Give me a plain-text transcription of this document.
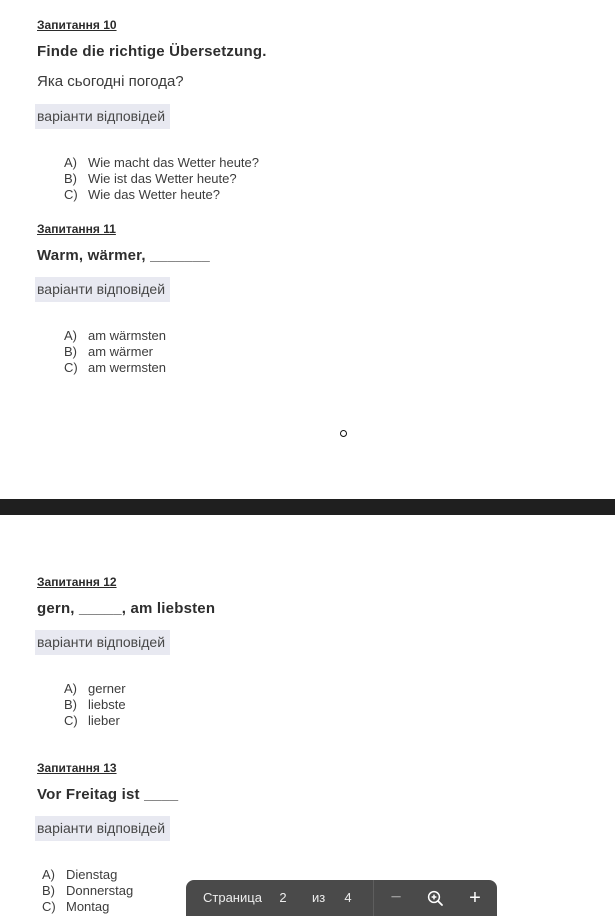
Запитання 10
Finde die richtige Übersetzung.
Яка сьогодні погода?
варіанти відповідей
A) Wie macht das Wetter heute?
B) Wie ist das Wetter heute?
C) Wie das Wetter heute?
Запитання 11
Warm, wärmer, _______
варіанти відповідей
A) am wärmsten
B) am wärmer
C) am wermsten
Запитання 12
gern, _____, am liebsten
варіанти відповідей
A) gerner
B) liebste
C) lieber
Запитання 13
Vor Freitag ist ____
варіанти відповідей
A) Dienstag
B) Donnerstag
C) Montag
Страница	2	из	4	−	+
